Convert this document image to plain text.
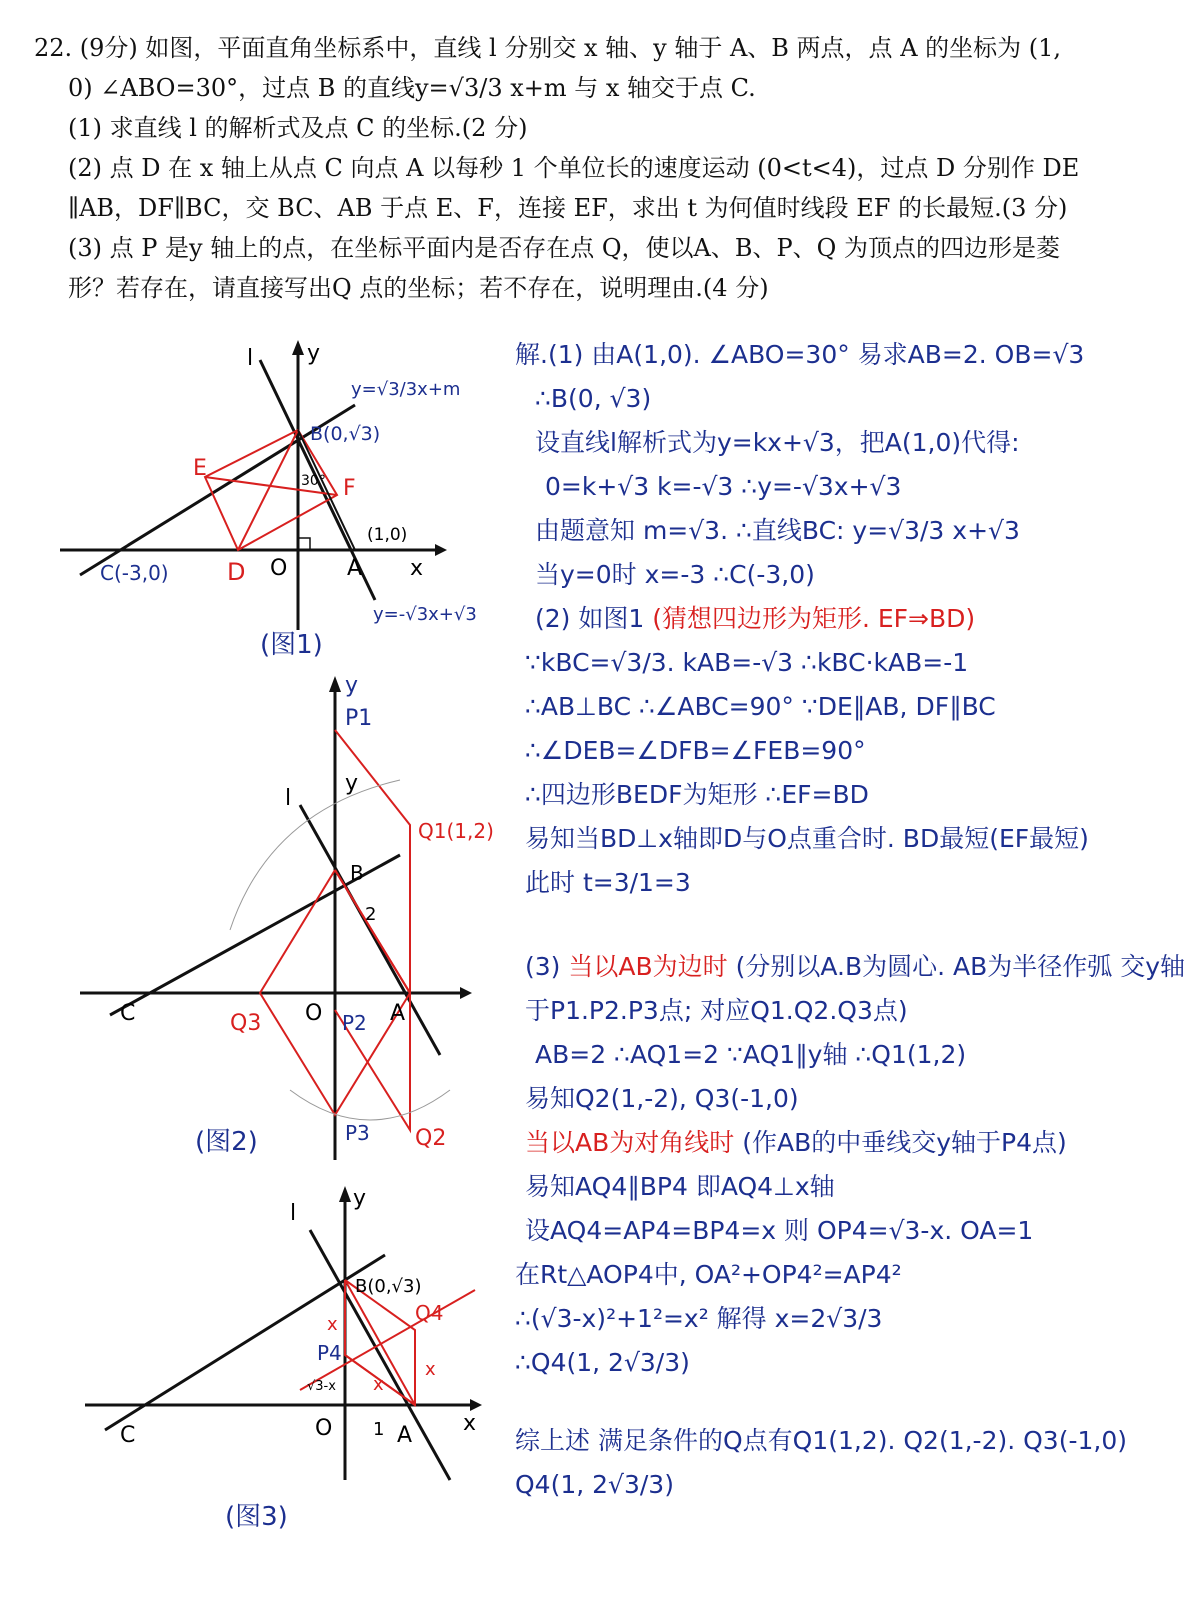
22. (9分) 如图，平面直角坐标系中，直线 l 分别交 x 轴、y 轴于 A、B 两点，点 A 的坐标为 (1,

0) ∠ABO=30°，过点 B 的直线y=√3/3 x+m 与 x 轴交于点 C.

(1) 求直线 l 的解析式及点 C 的坐标.(2 分)

(2) 点 D 在 x 轴上从点 C 向点 A 以每秒 1 个单位长的速度运动 (0<t<4)，过点 D 分别作 DE

∥AB，DF∥BC，交 BC、AB 于点 E、F，连接 EF，求出 t 为何值时线段 EF 的长最短.(3 分)

(3) 点 P 是y 轴上的点，在坐标平面内是否存在点 Q，使以A、B、P、Q 为顶点的四边形是菱

形？若存在，请直接写出Q 点的坐标；若不存在，说明理由.(4 分)

解.(1) 由A(1,0). ∠ABO=30° 易求AB=2. OB=√3
∴B(0, √3)
设直线l解析式为y=kx+√3，把A(1,0)代得:
0=k+√3 k=-√3 ∴y=-√3x+√3
由题意知 m=√3. ∴直线BC: y=√3/3 x+√3
当y=0时 x=-3 ∴C(-3,0)
(2) 如图1 (猜想四边形为矩形. EF⇒BD)
∵kBC=√3/3. kAB=-√3 ∴kBC·kAB=-1
∴AB⊥BC ∴∠ABC=90° ∵DE∥AB, DF∥BC
∴∠DEB=∠DFB=∠FEB=90°
∴四边形BEDF为矩形 ∴EF=BD
易知当BD⊥x轴即D与O点重合时. BD最短(EF最短)
此时 t=3/1=3
(3) 当以AB为边时 (分别以A.B为圆心. AB为半径作弧 交y轴
于P1.P2.P3点; 对应Q1.Q2.Q3点)
AB=2 ∴AQ1=2 ∵AQ1∥y轴 ∴Q1(1,2)
易知Q2(1,-2), Q3(-1,0)
当以AB为对角线时 (作AB的中垂线交y轴于P4点)
易知AQ4∥BP4 即AQ4⊥x轴
设AQ4=AP4=BP4=x 则 OP4=√3-x. OA=1
在Rt△AOP4中, OA²+OP4²=AP4²
∴(√3-x)²+1²=x² 解得 x=2√3/3
∴Q4(1, 2√3/3)
综上述 满足条件的Q点有Q1(1,2). Q2(1,-2). Q3(-1,0)
Q4(1, 2√3/3)
l y
x
B(0,√3)
E
F
C(-3,0) D O	A
(1,0)
30°
y=√3/3x+m
y=-√3x+√3
(图1)
y
y
l
P1
Q1(1,2)
B
2
C	Q3 O P2 A
P3 Q2
(图2)
l
y
B(0,√3)
Q4
x
x
x
P4
√3-x
C	O 1 A x
(图3)
